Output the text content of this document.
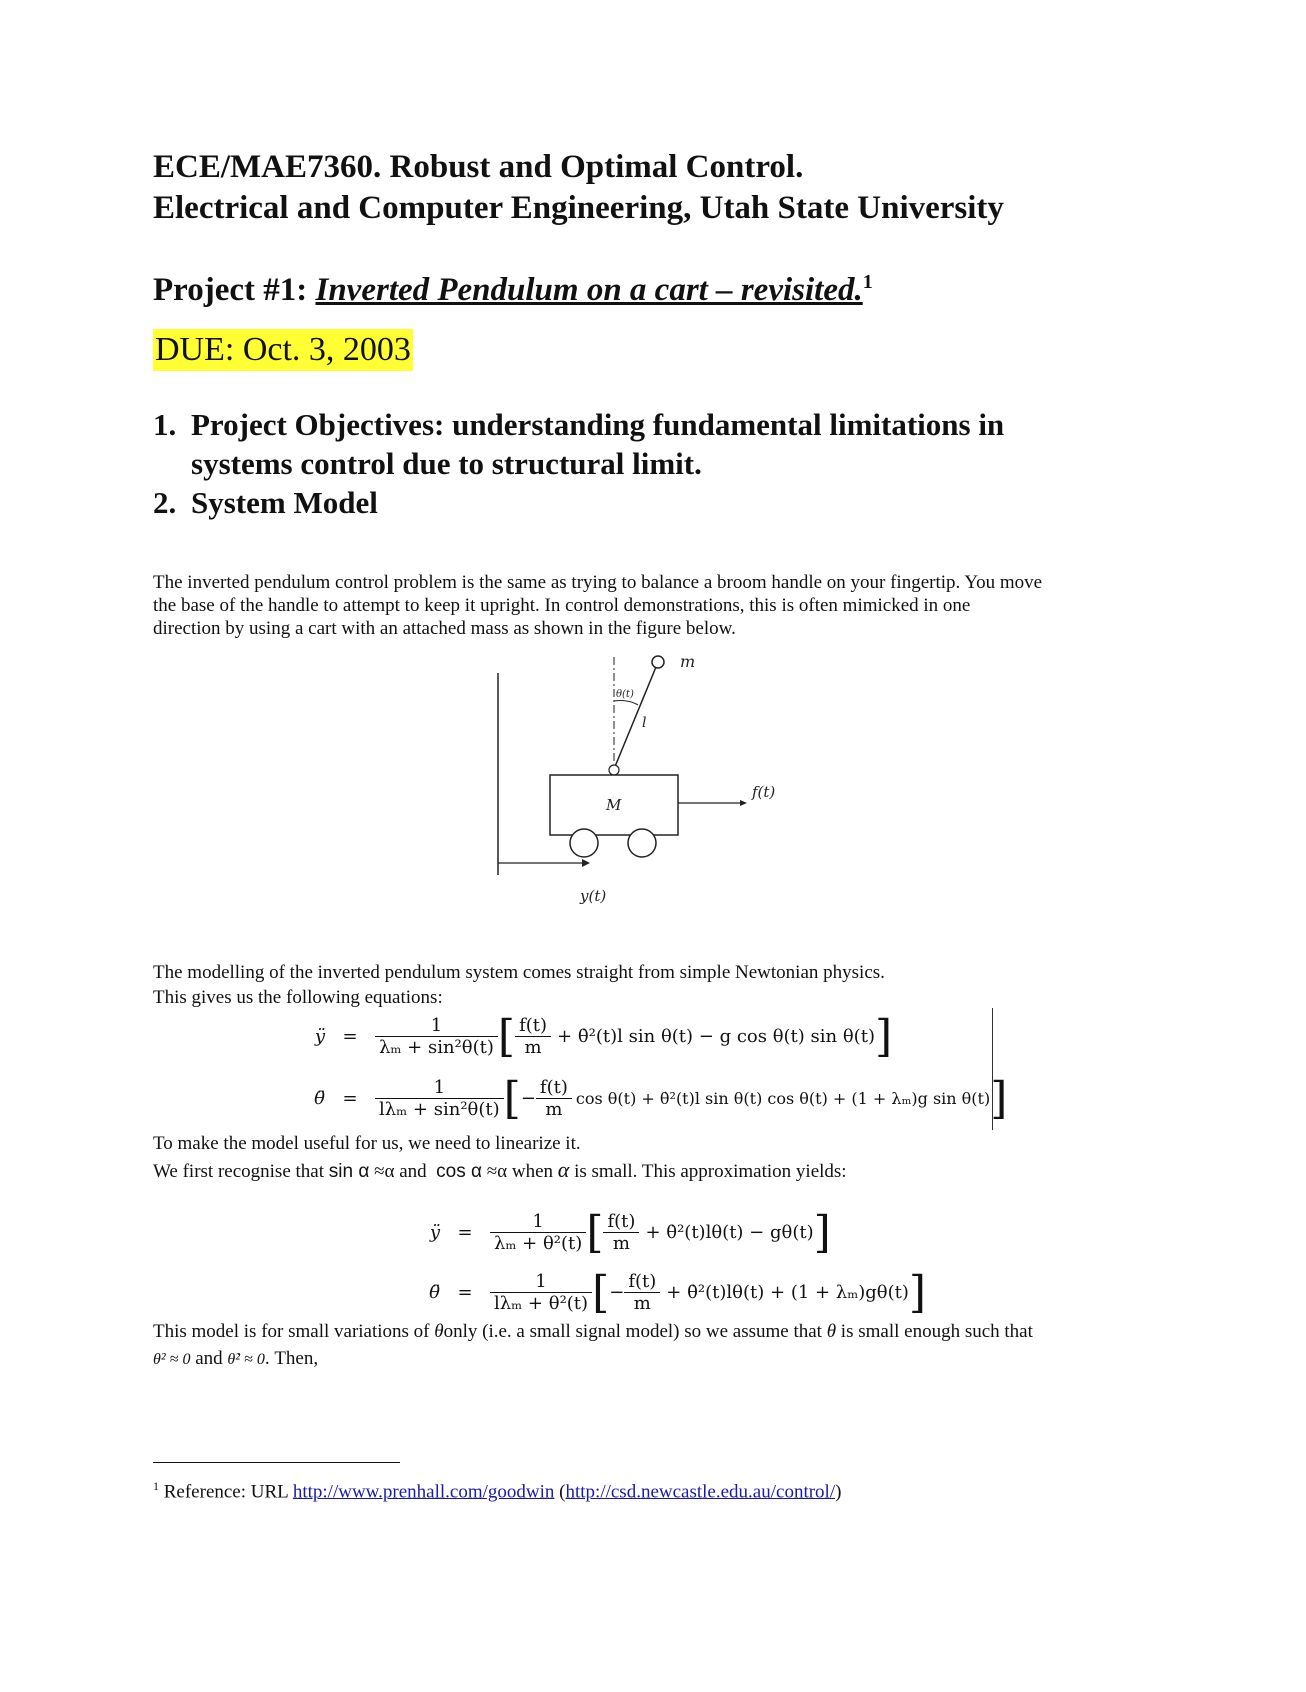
ECE/MAE7360. Robust and Optimal Control.
Electrical and Computer Engineering, Utah State University
Project #1: Inverted Pendulum on a cart – revisited.$^1$
DUE: Oct. 3, 2003
1. Project Objectives: understanding fundamental limitations in
systems control due to structural limit.
2. System Model
The inverted pendulum control problem is the same as trying to balance a broom handle on your fingertip. You move
the base of the handle to attempt to keep it upright. In control demonstrations, this is often mimicked in one
direction by using a cart with an attached mass as shown in the figure below.
m
θ(t)
l
M
f(t)
y(t)
The modelling of the inverted pendulum system comes straight from simple Newtonian physics.
This gives us the following equations:
ÿ = $\frac{1}{\text{λₘ + sin²θ(t)}}$ [ $\frac{f(t)}{m}$ + θ̇²(t)l sin θ(t) − g cos θ(t) sin θ(t) ]
θ̈ = $\frac{1}{\text{lλₘ + sin²θ(t)}}$ [ − $\frac{f(t)}{m}$ cos θ(t) + θ̇²(t)l sin θ(t) cos θ(t) + (1 + λₘ)g sin θ(t) ]
To make the model useful for us, we need to linearize it.
We first recognise that sin α ≈α and cos α ≈α when α is small. This approximation yields:
ÿ = $\frac{1}{\text{λₘ + θ²(t)}}$ [ $\frac{f(t)}{m}$ + θ̇²(t)lθ(t) − gθ(t) ]
θ̈ = $\frac{1}{\text{lλₘ + θ²(t)}}$ [ − $\frac{f(t)}{m}$ + θ̇²(t)lθ(t) + (1 + λₘ)gθ(t) ]
This model is for small variations of θonly (i.e. a small signal model) so we assume that θ is small enough such that
θ² ≈ 0 and θ̇² ≈ 0. Then,
$^1$ Reference: URL http://www.prenhall.com/goodwin (http://csd.newcastle.edu.au/control/)
